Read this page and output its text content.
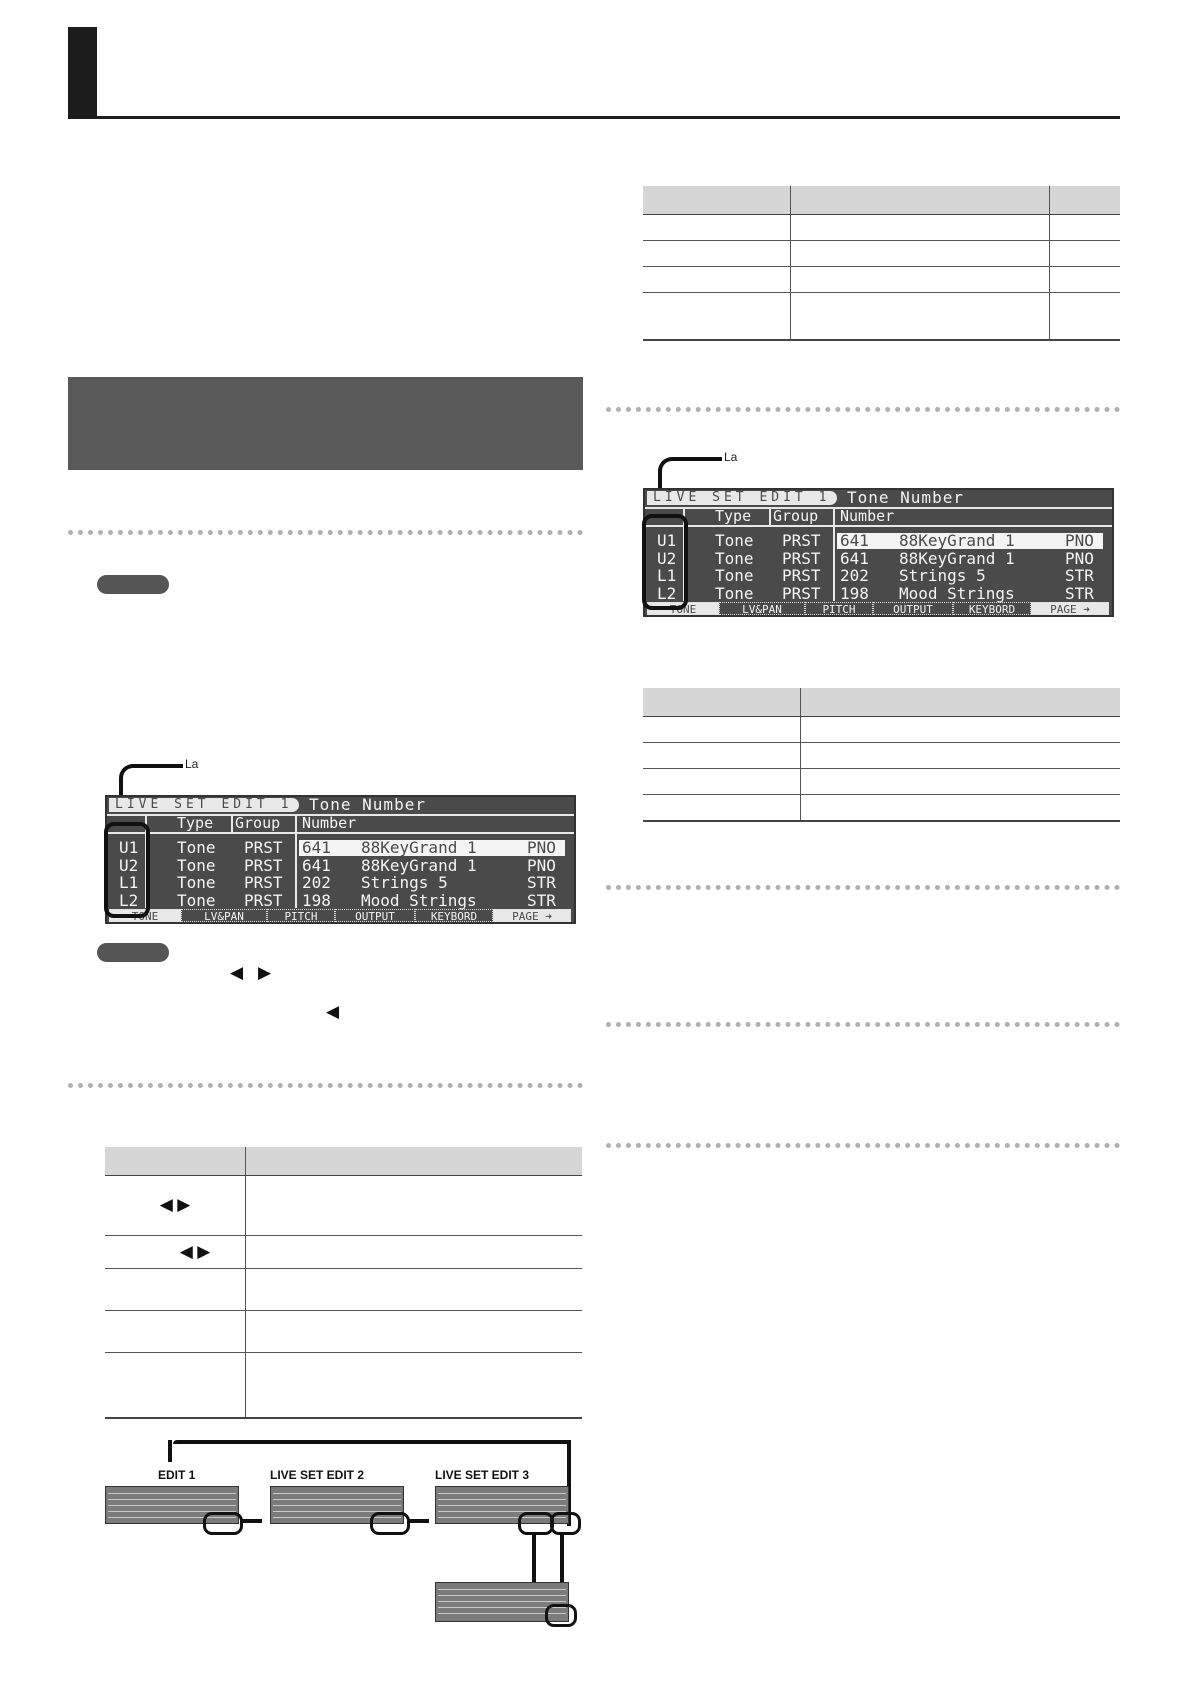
La
LIVE SET EDIT 1	Tone Number
Type Group Number
U1 Tone PRST 641 88KeyGrand 1	PNO
U2 Tone PRST 641 88KeyGrand 1	PNO
L1 Tone PRST 202 Strings 5	STR
L2 Tone PRST 198 Mood Strings	STR
TONE	LV&PAN	PITCH	OUTPUT	KEYBORD	PAGE ➜
◀ ▶
◀

◀ ▶	
◀ ▶	

EDIT 1	LIVE SET EDIT 2	LIVE SET EDIT 3

La
LIVE SET EDIT 1	Tone Number
Type Group Number
U1 Tone PRST 641 88KeyGrand 1	PNO
U2 Tone PRST 641 88KeyGrand 1	PNO
L1 Tone PRST 202 Strings 5	STR
L2 Tone PRST 198 Mood Strings	STR
TONE	LV&PAN	PITCH	OUTPUT	KEYBORD	PAGE ➜
